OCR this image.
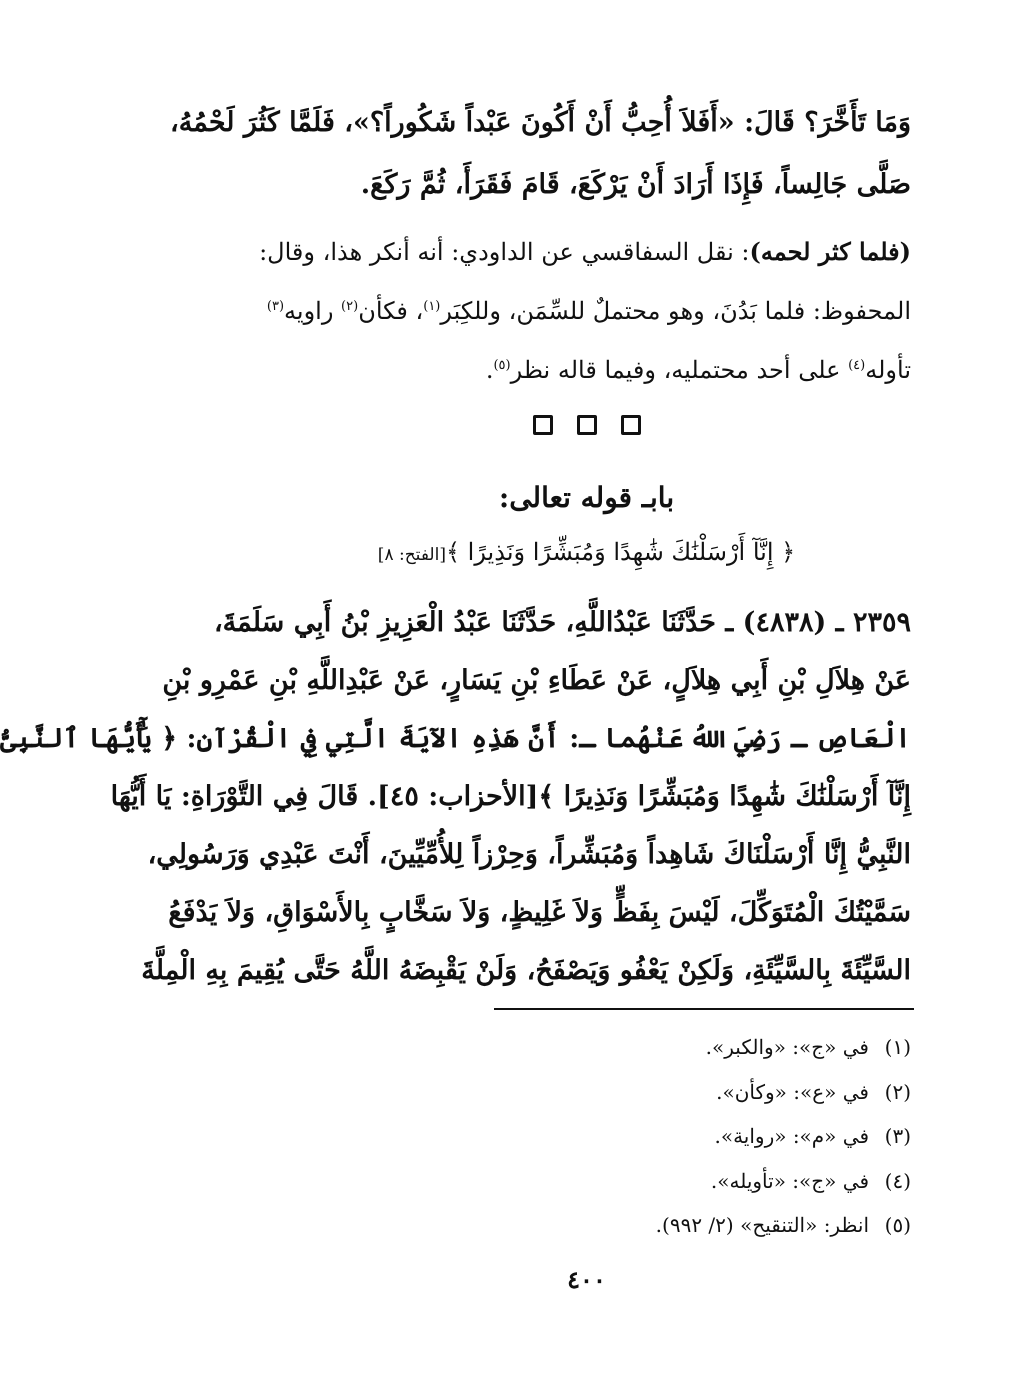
وَمَا تَأَخَّرَ؟ قَالَ: «أَفَلاَ أُحِبُّ أَنْ أَكُونَ عَبْداً شَكُوراً؟»، فَلَمَّا كَثُرَ لَحْمُهُ،
صَلَّى جَالِساً، فَإِذَا أَرَادَ أَنْ يَرْكَعَ، قَامَ فَقَرَأَ، ثُمَّ رَكَعَ.
(فلما كثر لحمه): نقل السفاقسي عن الداودي: أنه أنكر هذا، وقال:
المحفوظ: فلما بَدُنَ، وهو محتملٌ للسِّمَن، وللكِبَر$^{(١)}$، فكأن$^{(٢)}$ راويه$^{(٣)}$
تأوله$^{(٤)}$ على أحد محتمليه، وفيما قاله نظر$^{(٥)}$.
بابـ قوله تعالى:
﴿ إِنَّآ أَرْسَلْنَٰكَ شَٰهِدًا وَمُبَشِّرًا وَنَذِيرًا ﴾[الفتح: ٨]
٢٣٥٩ ـ (٤٨٣٨) ـ حَدَّثَنَا عَبْدُاللَّهِ، حَدَّثَنَا عَبْدُ الْعَزِيزِ بْنُ أَبِي سَلَمَةَ،
عَنْ هِلاَلِ بْنِ أَبِي هِلاَلٍ، عَنْ عَطَاءِ بْنِ يَسَارٍ، عَنْ عَبْدِاللَّهِ بْنِ عَمْرِو بْنِ
الْعَاصِ ـ رَضِيَ اللهُ عَنْهُما ـ: أَنَّ هَذِهِ الآيَةَ الَّتِي فِي الْقُرْآنِ: ﴿ يَٰٓأَيُّهَا ٱلنَّبِىُّ
إِنَّآ أَرْسَلْنَٰكَ شَٰهِدًا وَمُبَشِّرًا وَنَذِيرًا ﴾[الأحزاب: ٤٥]. قَالَ فِي التَّوْرَاةِ: يَا أَيُّهَا
النَّبِيُّ إِنَّا أَرْسَلْنَاكَ شَاهِداً وَمُبَشِّراً، وَحِرْزاً لِلأُمِّيِّينَ، أَنْتَ عَبْدِي وَرَسُولِي،
سَمَّيْتُكَ الْمُتَوَكِّلَ، لَيْسَ بِفَظٍّ وَلاَ غَلِيظٍ، وَلاَ سَخَّابٍ بِالأَسْوَاقِ، وَلاَ يَدْفَعُ
السَّيِّئَةَ بِالسَّيِّئَةِ، وَلَكِنْ يَعْفُو وَيَصْفَحُ، وَلَنْ يَقْبِضَهُ اللَّهُ حَتَّى يُقِيمَ بِهِ الْمِلَّةَ
(١)في «ج»: «والكبر».
(٢)في «ع»: «وكأن».
(٣)في «م»: «رواية».
(٤)في «ج»: «تأويله».
(٥)انظر: «التنقيح» (٢/ ٩٩٢).
٤٠٠
